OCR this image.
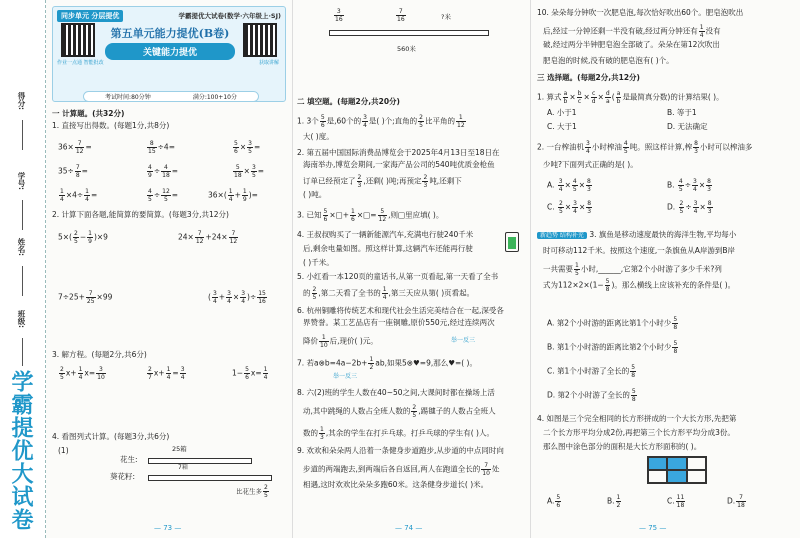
得分:
学号:
姓名:
班级:
学霸提优大试卷
同步单元 分层提优	学霸提优大试卷(数学·六年级上·SJ)
作业一点通 智能批改
第五单元能力提优(B卷)
关键能力提优
获取讲解
考试时间:80分钟	满分:100+10分
一 计算题。(共32分)
1. 直接写出得数。(每题1分,共8分)
$36\times \frac{7}{12}$ =	$\frac{8}{15} \div 4=$	$\frac{5}{6} \times \frac{3}{5}$ =
$35\div \frac{7}{8}$ =	$\frac{4}{9} \div \frac{4}{18}$ =	$\frac{5}{18} \times \frac{3}{5}$ =
$\frac{1}{4} \times 4\div \frac{1}{4}$ =	$\frac{4}{5} \div \frac{12}{5}$ =	$36\times( \frac{1}{4} + \frac{1}{9}$ )=
2. 计算下面各题,能简算的要简算。(每题3分,共12分)
$5\times( \frac{2}{5} - \frac{1}{9} )\times 9$	$24\times \frac{7}{12} +24\times \frac{7}{12}$
$7\div 25+ \frac{7}{25} \times 99$	( $\frac{3}{4} + \frac{3}{4} \times \frac{3}{4}$ )÷ $\frac{15}{16}$
3. 解方程。(每题2分,共6分)
$\frac{2}{5} x+ \frac{1}{4} x= \frac{3}{10}$	$\frac{2}{7} x+ \frac{1}{4} = \frac{3}{4}$	$1- \frac{5}{6} x= \frac{1}{4}$
4. 看图列式计算。(每题3分,共6分)
(1)	25箱
花生:
7箱
葵花籽:
比花生多 $\frac{2}{5}$
— 73 —
$\frac{3}{16}$	$\frac{7}{16}$	?米
560米
二 填空题。(每题2分,共20分)
1. 3个 $\frac{5}{6}$ 是,60个的 $\frac{3}{4}$ 是( )个;直角的 $\frac{2}{5}$ 比平角的 $\frac{1}{12}$
大( )度。
2. 第五届中国国际消费品博览会于2025年4月13日至18日在
海南举办,博览会期间,一家海产品公司的540吨优质金枪鱼
订单已经预定了 $\frac{2}{3}$ ,还剩( )吨;再预定 $\frac{2}{3}$ 吨,还剩下
( )吨。
3. 已知 $\frac{5}{6}$ ×□+ $\frac{1}{6}$ ×□= $\frac{5}{12}$ ,则□里应填( )。
4. 王叔叔购买了一辆新能源汽车,充满电行驶240千米
后,剩余电量如图。照这样计算,这辆汽车还能再行驶
( )千米。
5. 小红看一本120页的童话书,从第一页看起,第一天看了全书
的 $\frac{2}{5}$ ,第二天看了全书的 $\frac{1}{4}$ ,第三天应从第( )页看起。
6. 杭州铜雕将传统艺术和现代社会生活完美结合在一起,深受各
界赞誉。某工艺品店有一座铜雕,原价550元,经过连续两次
降价 $\frac{1}{10}$ 后,现价( )元。	举一反三
7. 若a⊗b=4a−2b+ $\frac{1}{2}$ ab,如果5⊗♥=9,那么♥=( )。
举一反三
8. 六(2)班的学生人数在40~50之间,大课间时都在操场上活
动,其中跳绳的人数占全班人数的 $\frac{2}{5}$ ,踢毽子的人数占全班人
数的 $\frac{1}{3}$ ,其余的学生在打乒乓球。打乒乓球的学生有( )人。
9. 欢欢和朵朵两人沿着一条健身步道跑步,从步道的中点同时向
步道的两端跑去,到两端后各自返回,两人在跑道全长的 $\frac{7}{10}$ 处
相遇,这时欢欢比朵朵多跑60米。这条健身步道长( )米。
— 74 —
10. 朵朵每分钟吹一次肥皂泡,每次恰好吹出60个。肥皂泡吹出
后,经过一分钟还剩一半没有破,经过两分钟还有 $\frac{1}{4}$ 没有
破,经过两分半钟肥皂泡全部破了。朵朵在第12次吹出
肥皂泡的时候,没有破的肥皂泡有( )个。
三 选择题。(每题2分,共12分)
1. 算式 $\frac{a}{b} \times \frac{b}{c} \times \frac{c}{d} \times \frac{d}{a}$ ( $\frac{a}{b}$ 是最简真分数)的计算结果( )。
A. 小于1	B. 等于1
C. 大于1	D. 无法确定
2. 一台榨油机 $\frac{3}{4}$ 小时榨油 $\frac{4}{5}$ 吨。照这样计算,榨 $\frac{8}{3}$ 小时可以榨油多
少吨?下面列式正确的是( )。
A. $\frac{3}{4} \times \frac{4}{5} \times \frac{8}{3}$	B. $\frac{4}{5} \div \frac{3}{4} \times \frac{8}{3}$
C. $\frac{2}{5} \times \frac{3}{4} \times \frac{8}{3}$	D. $\frac{2}{5} \div \frac{3}{4} \times \frac{8}{3}$
新趋势 结构补充 3. 旗鱼是移动速度最快的海洋生物,平均每小
时可移动112千米。按照这个速度,一条旗鱼从A岸游到B岸
一共需要 $\frac{1}{5}$ 小时,______,它第2个小时游了多少千米?列
式为$112\times 2\times(1- \frac{5}{8}$ )。那么横线上应该补充的条件是( )。
A. 第2个小时游的距离比第1个小时少 $\frac{5}{8}$
B. 第1个小时游的距离比第2个小时少 $\frac{5}{8}$
C. 第1个小时游了全长的 $\frac{5}{8}$
D. 第2个小时游了全长的 $\frac{5}{8}$
4. 如图是三个完全相同的长方形拼成的一个大长方形,先把第
二个长方形平均分成2份,再把第三个长方形平均分成3份。
那么图中涂色部分的面积是大长方形面积的( )。
A. $\frac{5}{6}$	B. $\frac{1}{2}$	C. $\frac{11}{18}$	D. $\frac{7}{18}$
— 75 —
